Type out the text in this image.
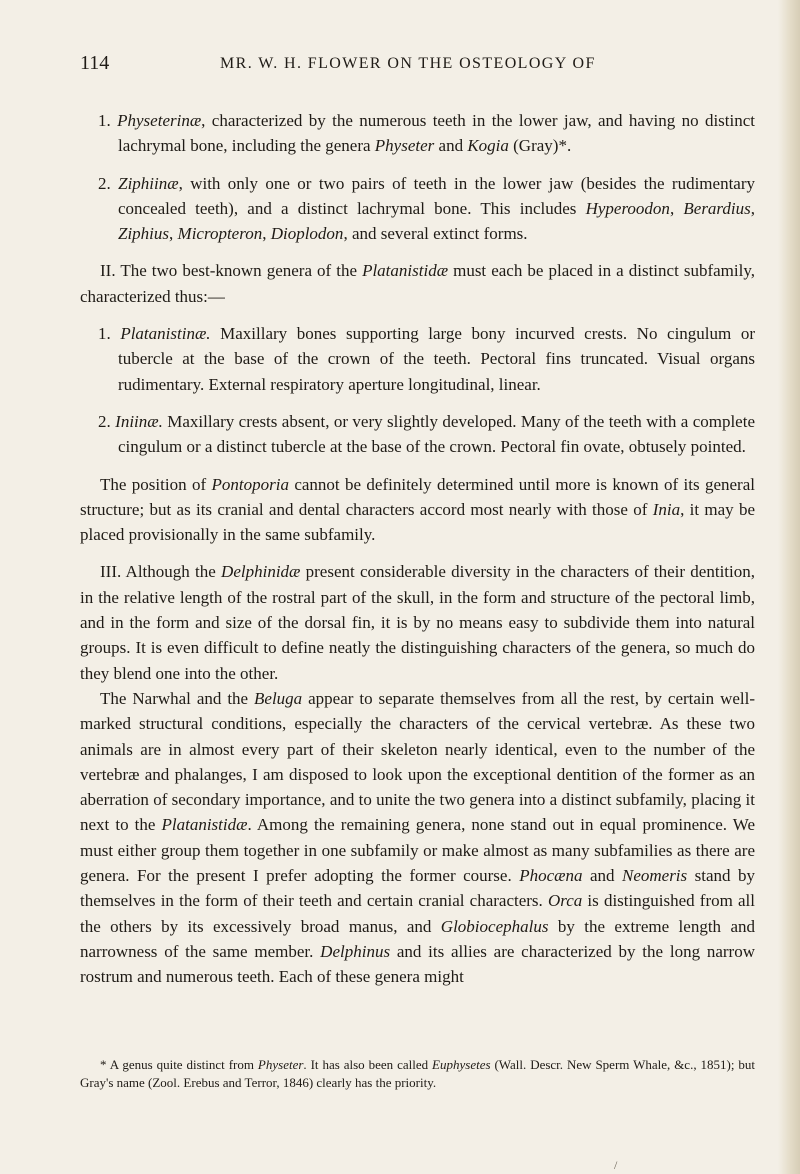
114	MR. W. H. FLOWER ON THE OSTEOLOGY OF

1. Physeterinæ, characterized by the numerous teeth in the lower jaw, and having no distinct lachrymal bone, including the genera Physeter and Kogia (Gray)*.

2. Ziphiinæ, with only one or two pairs of teeth in the lower jaw (besides the rudimentary concealed teeth), and a distinct lachrymal bone. This includes Hyperoodon, Berardius, Ziphius, Micropteron, Dioplodon, and several extinct forms.

II. The two best-known genera of the Platanistidæ must each be placed in a distinct subfamily, characterized thus:—

1. Platanistinæ. Maxillary bones supporting large bony incurved crests. No cingulum or tubercle at the base of the crown of the teeth. Pectoral fins truncated. Visual organs rudimentary. External respiratory aperture longitudinal, linear.

2. Iniinæ. Maxillary crests absent, or very slightly developed. Many of the teeth with a complete cingulum or a distinct tubercle at the base of the crown. Pectoral fin ovate, obtusely pointed.

The position of Pontoporia cannot be definitely determined until more is known of its general structure; but as its cranial and dental characters accord most nearly with those of Inia, it may be placed provisionally in the same subfamily.

III. Although the Delphinidæ present considerable diversity in the characters of their dentition, in the relative length of the rostral part of the skull, in the form and structure of the pectoral limb, and in the form and size of the dorsal fin, it is by no means easy to subdivide them into natural groups. It is even difficult to define neatly the distinguishing characters of the genera, so much do they blend one into the other.

The Narwhal and the Beluga appear to separate themselves from all the rest, by certain well-marked structural conditions, especially the characters of the cervical vertebræ. As these two animals are in almost every part of their skeleton nearly identical, even to the number of the vertebræ and phalanges, I am disposed to look upon the exceptional dentition of the former as an aberration of secondary importance, and to unite the two genera into a distinct subfamily, placing it next to the Platanistidæ. Among the remaining genera, none stand out in equal prominence. We must either group them together in one subfamily or make almost as many subfamilies as there are genera. For the present I prefer adopting the former course. Phocæna and Neomeris stand by themselves in the form of their teeth and certain cranial characters. Orca is distinguished from all the others by its excessively broad manus, and Globiocephalus by the extreme length and narrowness of the same member. Delphinus and its allies are characterized by the long narrow rostrum and numerous teeth. Each of these genera might

* A genus quite distinct from Physeter. It has also been called Euphysetes (Wall. Descr. New Sperm Whale, &c., 1851); but Gray's name (Zool. Erebus and Terror, 1846) clearly has the priority.
/
